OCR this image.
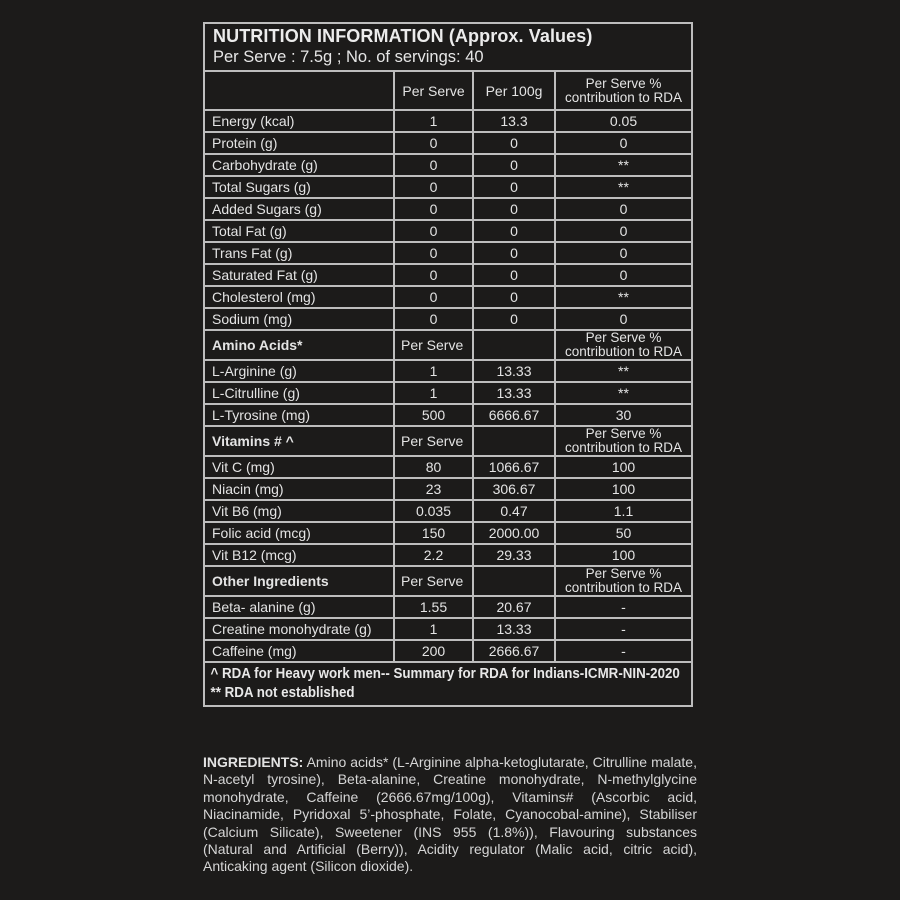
NUTRITION INFORMATION (Approx. Values)
Per Serve : 7.5g ; No. of servings: 40
	Per Serve	Per 100g	Per Serve %
contribution to RDA
Energy (kcal)	1	13.3	0.05
Protein (g)	0	0	0
Carbohydrate (g)	0	0	**
Total Sugars (g)	0	0	**
Added Sugars (g)	0	0	0
Total Fat (g)	0	0	0
Trans Fat (g)	0	0	0
Saturated Fat (g)	0	0	0
Cholesterol (mg)	0	0	**
Sodium (mg)	0	0	0
Amino Acids*	Per Serve		Per Serve %
contribution to RDA
L-Arginine (g)	1	13.33	**
L-Citrulline (g)	1	13.33	**
L-Tyrosine (mg)	500	6666.67	30
Vitamins # ^	Per Serve		Per Serve %
contribution to RDA
Vit C (mg)	80	1066.67	100
Niacin (mg)	23	306.67	100
Vit B6 (mg)	0.035	0.47	1.1
Folic acid (mcg)	150	2000.00	50
Vit B12 (mcg)	2.2	29.33	100
Other Ingredients	Per Serve		Per Serve %
contribution to RDA
Beta- alanine (g)	1.55	20.67	-
Creatine monohydrate (g)	1	13.33	-
Caffeine (mg)	200	2666.67	-
^ RDA for Heavy work men-- Summary for RDA for Indians-ICMR-NIN-2020
** RDA not established
INGREDIENTS: Amino acids* (L-Arginine alpha-ketoglutarate, Citrulline malate, N-acetyl tyrosine), Beta-alanine, Creatine monohydrate, N-methylglycine monohydrate, Caffeine (2666.67mg/100g), Vitamins# (Ascorbic acid, Niacinamide, Pyridoxal 5’-phosphate, Folate, Cyanocobal-amine), Stabiliser (Calcium Silicate), Sweetener (INS 955 (1.8%)), Flavouring substances (Natural and Artificial (Berry)), Acidity regulator (Malic acid, citric acid), Anticaking agent (Silicon dioxide).
